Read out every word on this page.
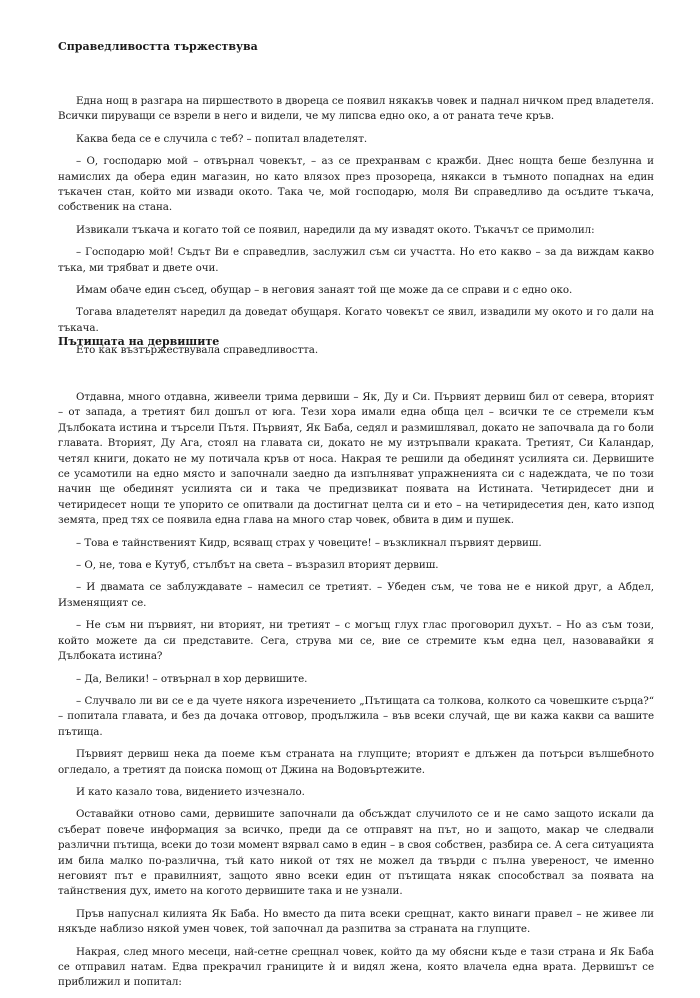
Справедливостта тържествува

Една нощ в разгара на пиршеството в двореца се появил някакъв човек и паднал ничком пред владетеля. Всички пируващи се взрели в него и видели, че му липсва едно око, а от раната тече кръв.

Каква беда се е случила с теб? – попитал владетелят.

– О, господарю мой – отвърнал човекът, – аз се прехранвам с кражби. Днес нощта беше безлунна и намислих да обера един магазин, но като влязох през прозореца, някакси в тъмното попаднах на един тъкачен стан, който ми извади окото. Така че, мой господарю, моля Ви справедливо да осъдите тъкача, собственик на стана.

Извикали тъкача и когато той се появил, наредили да му извадят окото. Тъкачът се примолил:

– Господарю мой! Съдът Ви е справедлив, заслужил съм си участта. Но ето какво – за да виждам какво тъка, ми трябват и двете очи.

Имам обаче един съсед, обущар – в неговия занаят той ще може да се справи и с едно око.

Тогава владетелят наредил да доведат обущаря. Когато човекът се явил, извадили му окото и го дали на тъкача.

Ето как възтържествувала справедливостта.

Пътищата на дервишите

Отдавна, много отдавна, живеели трима дервиши – Як, Ду и Си. Първият дервиш бил от севера, вторият – от запада, а третият бил дошъл от юга. Тези хора имали една обща цел – всички те се стремели към Дълбоката истина и търсели Пътя. Първият, Як Баба, седял и размишлявал, докато не започвала да го боли главата. Вторият, Ду Ага, стоял на главата си, докато не му изтръпвали краката. Третият, Си Каландар, четял книги, докато не му потичала кръв от носа. Накрая те решили да обединят усилията си. Дервишите се усамотили на едно място и започнали заедно да изпълняват упражненията си с надеждата, че по този начин ще обединят усилията си и така че предизвикат появата на Истината. Четиридесет дни и четиридесет нощи те упорито се опитвали да достигнат целта си и ето – на четиридесетия ден, като изпод земята, пред тях се появила една глава на много стар човек, обвита в дим и пушек.

– Това е тайнственият Кидр, всяващ страх у човеците! – възкликнал първият дервиш.

– О, не, това е Кутуб, стълбът на света – възразил вторият дервиш.

– И двамата се заблуждавате – намесил се третият. – Убеден съм, че това не е никой друг, а Абдел, Изменящият се.

– Не съм ни първият, ни вторият, ни третият – с могъщ глух глас проговорил духът. – Но аз съм този, който можете да си представите. Сега, струва ми се, вие се стремите към една цел, назовавайки я Дълбоката истина?

– Да, Велики! – отвърнал в хор дервишите.

– Случвало ли ви се е да чуете някога изречението „Пътищата са толкова, колкото са човешките сърца?“ – попитала главата, и без да дочака отговор, продължила – във всеки случай, ще ви кажа какви са вашите пътища.

Първият дервиш нека да поеме към страната на глупците; вторият е длъжен да потърси вълшебното огледало, а третият да поиска помощ от Джина на Водовъртежите.

И като казало това, видението изчезнало.

Оставайки отново сами, дервишите започнали да обсъждат случилото се и не само защото искали да съберат повече информация за всичко, преди да се отправят на път, но и защото, макар че следвали различни пътища, всеки до този момент вярвал само в един – в своя собствен, разбира се. А сега ситуацията им била малко по-различна, тъй като никой от тях не можел да твърди с пълна увереност, че именно неговият път е правилният, защото явно всеки един от пътищата някак способствал за появата на тайнствения дух, името на когото дервишите така и не узнали.

Пръв напуснал килията Як Баба. Но вместо да пита всеки срещнат, както винаги правел – не живее ли някъде наблизо някой умен човек, той започнал да разпитва за страната на глупците.

Накрая, след много месеци, най-сетне срещнал човек, който да му обясни къде е тази страна и Як Баба се отправил натам. Едва прекрачил границите ѝ и видял жена, която влачела една врата. Дервишът се приближил и попитал:
